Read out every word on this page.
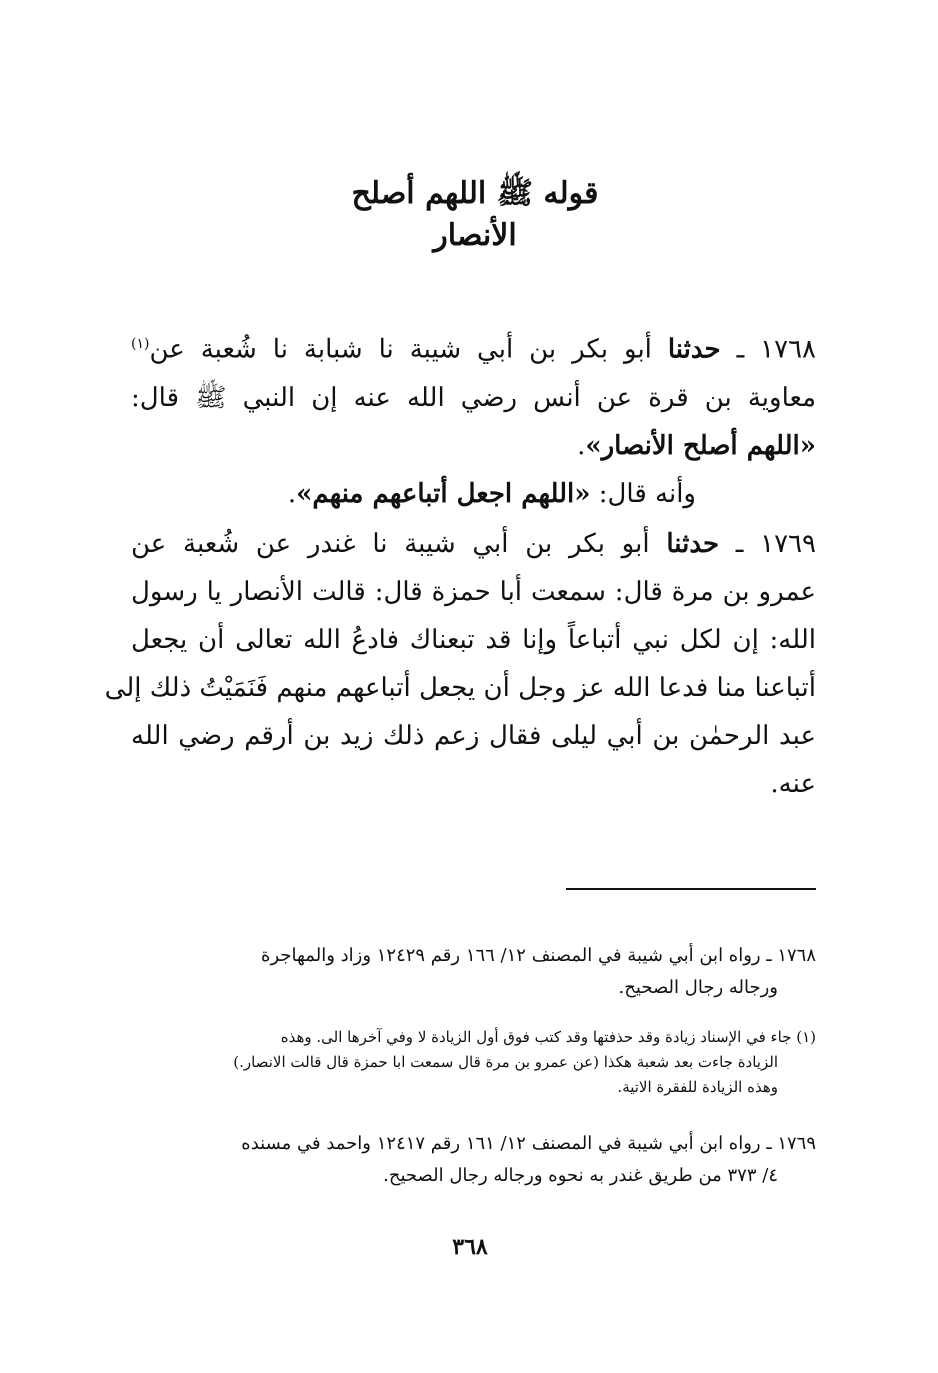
قوله ﷺ اللهم أصلح الأنصار
١٧٦٨ ـ حدثنا أبو بكر بن أبي شيبة نا شبابة نا شُعبة عن$^{(١)}$
معاوية بن قرة عن أنس رضي الله عنه إن النبي ﷺ قال:
«اللهم أصلح الأنصار».
وأنه قال: «اللهم اجعل أتباعهم منهم».
١٧٦٩ ـ حدثنا أبو بكر بن أبي شيبة نا غندر عن شُعبة عن
عمرو بن مرة قال: سمعت أبا حمزة قال: قالت الأنصار يا رسول
الله: إن لكل نبي أتباعاً وإنا قد تبعناك فادعُ الله تعالى أن يجعل
أتباعنا منا فدعا الله عز وجل أن يجعل أتباعهم منهم فَنَمَيْتُ ذلك إلى
عبد الرحمٰن بن أبي ليلى فقال زعم ذلك زيد بن أرقم رضي الله
عنه.
١٧٦٨ ـ رواه ابن أبي شيبة في المصنف ١٢/ ١٦٦ رقم ١٢٤٢٩ وزاد والمهاجرة
ورجاله رجال الصحيح.
(١) جاء في الإسناد زيادة وقد حذفتها وقد كتب فوق أول الزيادة لا وفي آخرها الى. وهذه
الزيادة جاءت بعد شعبة هكذا (عن عمرو بن مرة قال سمعت ابا حمزة قال قالت الانصار.)
وهذه الزيادة للفقرة الاتية.
١٧٦٩ ـ رواه ابن أبي شيبة في المصنف ١٢/ ١٦١ رقم ١٢٤١٧ واحمد في مسنده
٤/ ٣٧٣ من طريق غندر به نحوه ورجاله رجال الصحيح.

٣٦٨
